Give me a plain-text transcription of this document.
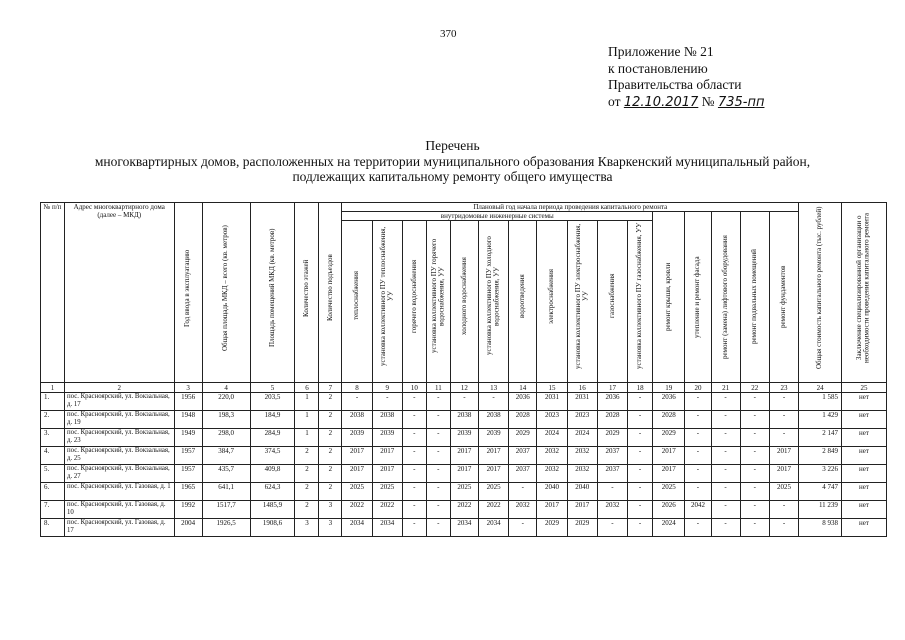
370
Приложение № 21
к постановлению
Правительства области
от 12.10.2017 № 735-пп
Перечень
многоквартирных домов, расположенных на территории муниципального образования Кваркенский муниципальный район, подлежащих капитальному ремонту общего имущества
№ п/п	Адрес многоквартирного дома (далее – МКД)	Год ввода в эксплуатацию	Общая площадь МКД – всего (кв. метров)	Площадь помещений МКД (кв. метров)	Количество этажей	Количество подъездов	Плановый год начала периода проведения капитального ремонта																Общая стоимость капитального ремонта (тыс. рублей)	Заключение специализированной организации о необходимости проведения капитального ремонта

							внутридомовые инженерные системы											ремонт крыши, кровли	утепление и ремонт фасада	ремонт (замена) лифтового оборудования	ремонт подвальных помещений	ремонт фундаментов		

							теплоснабжения	установка коллективного ПУ теплоснабжения, УУ	горячего водоснабжения	установка коллективного ПУ горячего водоснабжения, УУ	холодного водоснабжения	установка коллективного ПУ холодного водоснабжения, УУ	водоотведения	электроснабжения	установка коллективного ПУ электроснабжения, УУ	газоснабжения	установка коллективного ПУ газоснабжения, УУ							

1	2	3	4	5	6	7	8	9	10	11	12	13	14	15	16	17	18	19	20	21	22	23	24	25
1.	пос. Красноярский, ул. Вокзальная, д. 17	1956	220,0	203,5	1	2	-	-	-	-	-	-	2036	2031	2031	2036	-	2036	-	-	-	-	1 585	нет
2.	пос. Красноярский, ул. Вокзальная, д. 19	1948	198,3	184,9	1	2	2038	2038	-	-	2038	2038	2028	2023	2023	2028	-	2028	-	-	-	-	1 429	нет
3.	пос. Красноярский, ул. Вокзальная, д. 23	1949	298,0	284,9	1	2	2039	2039	-	-	2039	2039	2029	2024	2024	2029	-	2029	-	-	-	-	2 147	нет
4.	пос. Красноярский, ул. Вокзальная, д. 25	1957	384,7	374,5	2	2	2017	2017	-	-	2017	2017	2037	2032	2032	2037	-	2017	-	-	-	2017	2 849	нет
5.	пос. Красноярский, ул. Вокзальная, д. 27	1957	435,7	409,8	2	2	2017	2017	-	-	2017	2017	2037	2032	2032	2037	-	2017	-	-	-	2017	3 226	нет
6.	пос. Красноярский, ул. Газовая, д. 1	1965	641,1	624,3	2	2	2025	2025	-	-	2025	2025	-	2040	2040	-	-	2025	-	-	-	2025	4 747	нет
7.	пос. Красноярский, ул. Газовая, д. 10	1992	1517,7	1485,9	2	3	2022	2022	-	-	2022	2022	2032	2017	2017	2032	-	2026	2042	-	-	-	11 239	нет
8.	пос. Красноярский, ул. Газовая, д. 17	2004	1926,5	1908,6	3	3	2034	2034	-	-	2034	2034	-	2029	2029	-	-	2024	-	-	-	-	8 938	нет
